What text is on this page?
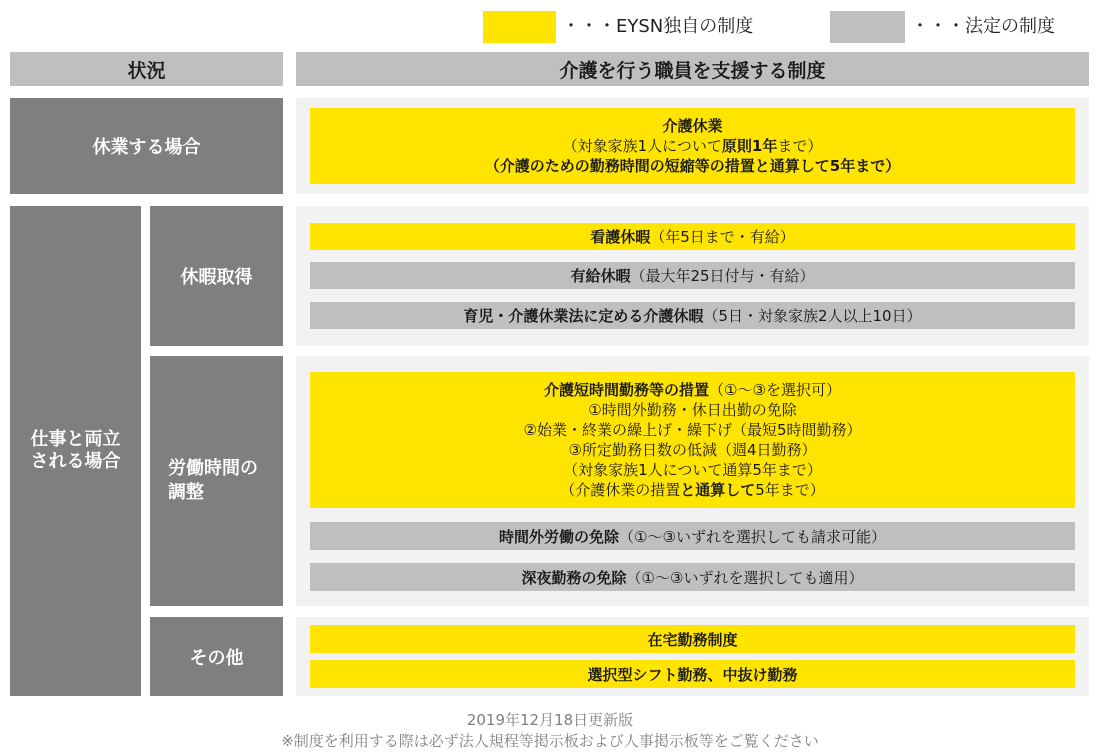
・・・EYSN独自の制度	・・・法定の制度
状況	介護を行う職員を支援する制度
休業する場合
介護休業
（対象家族1人について原則1年まで）
（介護のための勤務時間の短縮等の措置と通算して5年まで）
仕事と両立
される場合
休暇取得
看護休暇 （年5日まで・有給）
有給休暇 （最大年25日付与・有給）
育児・介護休業法に定める介護休暇 （5日・対象家族2人以上10日）
労働時間の
調整
介護短時間勤務等の措置（①～③を選択可）
①時間外勤務・休日出勤の免除
②始業・終業の繰上げ・繰下げ（最短5時間勤務）
③所定勤務日数の低減（週4日勤務）
（対象家族1人について通算5年まで）
（介護休業の措置と通算して5年まで）
時間外労働の免除 （①～③いずれを選択しても請求可能）
深夜勤務の免除 （①～③いずれを選択しても適用）
その他
在宅勤務制度
選択型シフト勤務、中抜け勤務
2019年12月18日更新版
※制度を利用する際は必ず法人規程等掲示板および人事掲示板等をご覧ください
